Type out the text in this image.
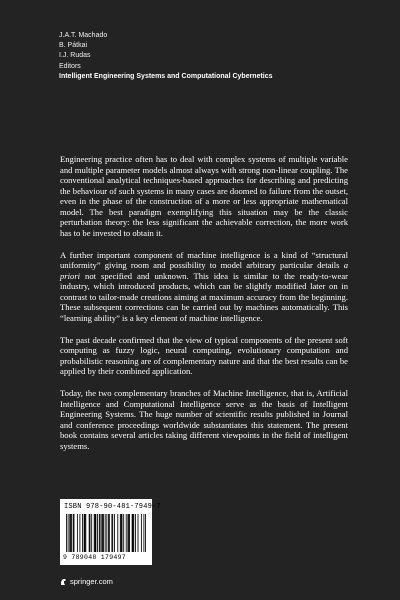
J.A.T. Machado
B. Pátkai
I.J. Rudas
Editors
Intelligent Engineering Systems and Computational Cybernetics

Engineering practice often has to deal with complex systems of multiple variable and multiple parameter models almost always with strong non-linear coupling. The conventional analytical techniques-based approaches for describing and predicting the behaviour of such systems in many cases are doomed to failure from the outset, even in the phase of the construction of a more or less appropriate mathematical model. The best paradigm exemplifying this situation may be the classic perturbation theory: the less significant the achievable correction, the more work has to be invested to obtain it.

A further important component of machine intelligence is a kind of “structural uniformity” giving room and possibility to model arbitrary particular details a priori not specified and unknown. This idea is similar to the ready-to-wear industry, which introduced products, which can be slightly modified later on in contrast to tailor-made creations aiming at maximum accuracy from the beginning. These subsequent corrections can be carried out by machines automatically. This “learning ability” is a key element of machine intelligence.

The past decade confirmed that the view of typical components of the present soft computing as fuzzy logic, neural computing, evolutionary computation and probabilistic reasoning are of complementary nature and that the best results can be applied by their combined application.

Today, the two complementary branches of Machine Intelligence, that is, Artificial Intelligence and Computational Intelligence serve as the basis of Intelligent Engineering Systems. The huge number of scientific results published in Journal and conference proceedings worldwide substantiates this statement. The present book contains several articles taking different viewpoints in the field of intelligent systems.

ISBN 978-90-481-7949-7
9 789048 179497
springer.com
